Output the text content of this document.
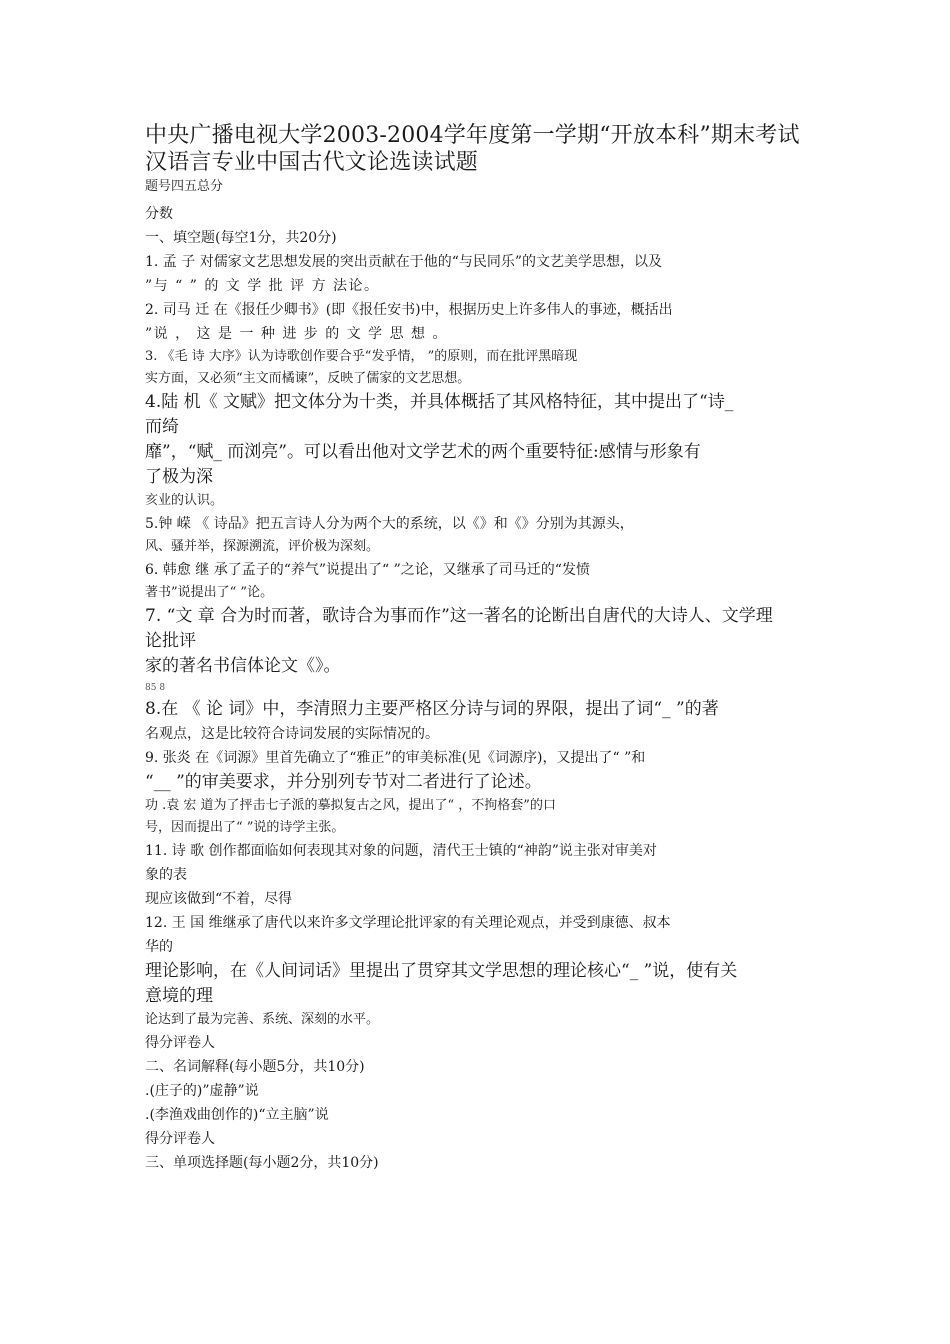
中央广播电视大学2003-2004学年度第一学期“开放本科”期末考试
汉语言专业中国古代文论选读试题
题号四五总分
分数
一、填空题(每空1分，共20分)
1. 孟 子 对儒家文艺思想发展的突出贡献在于他的“与民同乐”的文艺美学思想，以及
”与 “ ” 的 文 学 批 评 方 法论。
2. 司马 迁 在《报任少卿书》(即《报任安书)中，根据历史上许多伟人的事迹，概括出
”说 ， 这 是 一 种 进 步 的 文 学 思 想 。
3. 《毛 诗 大序》认为诗歌创作要合乎“发乎情， ”的原则，而在批评黑暗现
实方面，又必须“主文而橘谏”，反映了儒家的文艺思想。
4.陆 机《 文赋》把文体分为十类，并具体概括了其风格特征，其中提出了“诗_
而绮
靡”，“赋_ 而浏亮”。可以看出他对文学艺术的两个重要特征:感情与形象有
了极为深
亥业的认识。
5.钟 嵘 《 诗品》把五言诗人分为两个大的系统，以《》和《》分别为其源头，
风、骚并举，探源溯流，评价极为深刻。
6. 韩愈 继 承了孟子的“养气”说提出了“ ”之论，又继承了司马迁的“发愤
著书”说提出了“ ”论。
7. “文 章 合为时而著，歌诗合为事而作”这一著名的论断出自唐代的大诗人、文学理
论批评
家的著名书信体论文《》。
85 8
8.在 《 论 词》中，李清照力主要严格区分诗与词的界限，提出了词“_ ”的著
名观点，这是比较符合诗词发展的实际情况的。
9. 张炎 在《词源》里首先确立了“雅正”的审美标准(见《词源序)，又提出了“ ”和
“__ ”的审美要求，并分别列专节对二者进行了论述。
功 .袁 宏 道为了抨击七子派的摹拟复古之风，提出了“ ，不拘格套”的口
号，因而提出了“ ”说的诗学主张。
11. 诗 歌 创作都面临如何表现其对象的问题，清代王士镇的“神韵”说主张对审美对
象的表
现应该做到“不着，尽得
12. 王 国 维继承了唐代以来许多文学理论批评家的有关理论观点，并受到康德、叔本
华的
理论影响，在《人间词话》里提出了贯穿其文学思想的理论核心“_ ”说，使有关
意境的理
论达到了最为完善、系统、深刻的水平。
得分评卷人
二、名词解释(每小题5分，共10分)
.(庄子的)”虚静”说
.(李渔戏曲创作的)“立主脑”说
得分评卷人
三、单项选择题(每小题2分，共10分)
